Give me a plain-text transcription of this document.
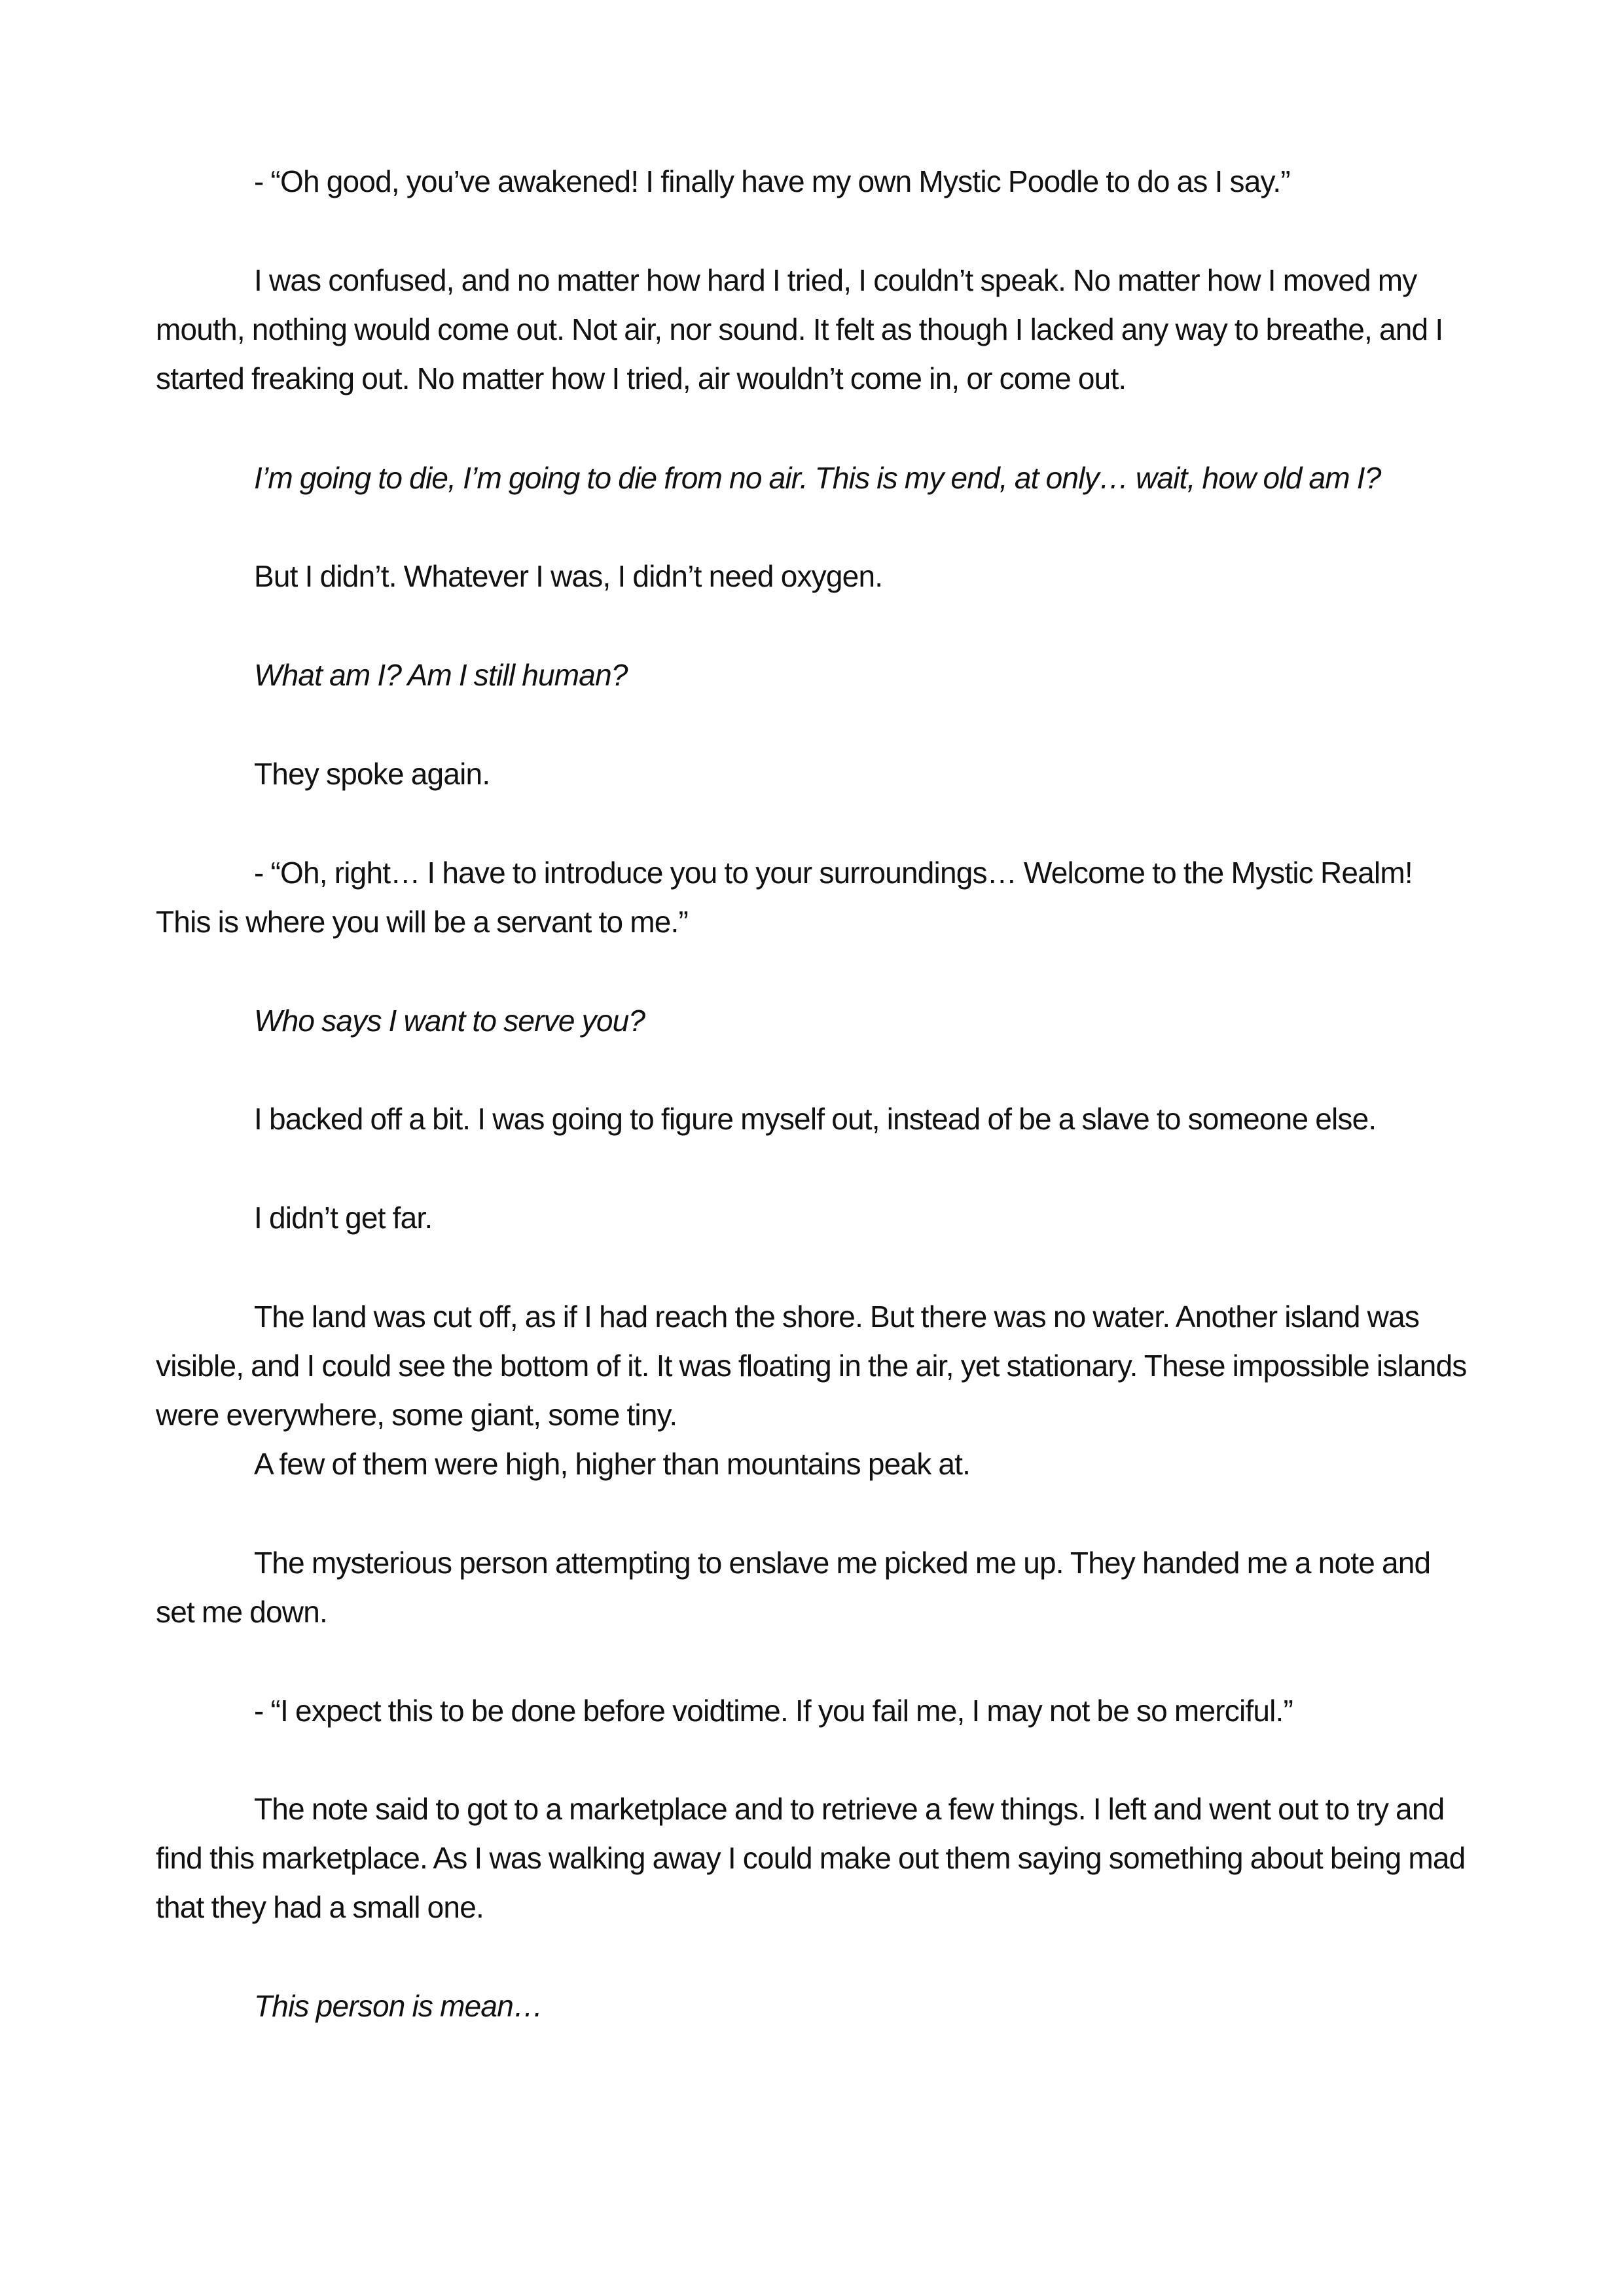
- “Oh good, you’ve awakened! I finally have my own Mystic Poodle to do as I say.”

I was confused, and no matter how hard I tried, I couldn’t speak. No matter how I moved my mouth, nothing would come out. Not air, nor sound. It felt as though I lacked any way to breathe, and I started freaking out. No matter how I tried, air wouldn’t come in, or come out.

I’m going to die, I’m going to die from no air. This is my end, at only… wait, how old am I?

But I didn’t. Whatever I was, I didn’t need oxygen.

What am I? Am I still human?

They spoke again.

- “Oh, right… I have to introduce you to your surroundings… Welcome to the Mystic Realm! This is where you will be a servant to me.”

Who says I want to serve you?

I backed off a bit. I was going to figure myself out, instead of be a slave to someone else.

I didn’t get far.

The land was cut off, as if I had reach the shore. But there was no water. Another island was visible, and I could see the bottom of it. It was floating in the air, yet stationary. These impossible islands were everywhere, some giant, some tiny.

A few of them were high, higher than mountains peak at.

The mysterious person attempting to enslave me picked me up. They handed me a note and set me down.

- “I expect this to be done before voidtime. If you fail me, I may not be so merciful.”

The note said to got to a marketplace and to retrieve a few things. I left and went out to try and find this marketplace. As I was walking away I could make out them saying something about being mad that they had a small one.

This person is mean…
